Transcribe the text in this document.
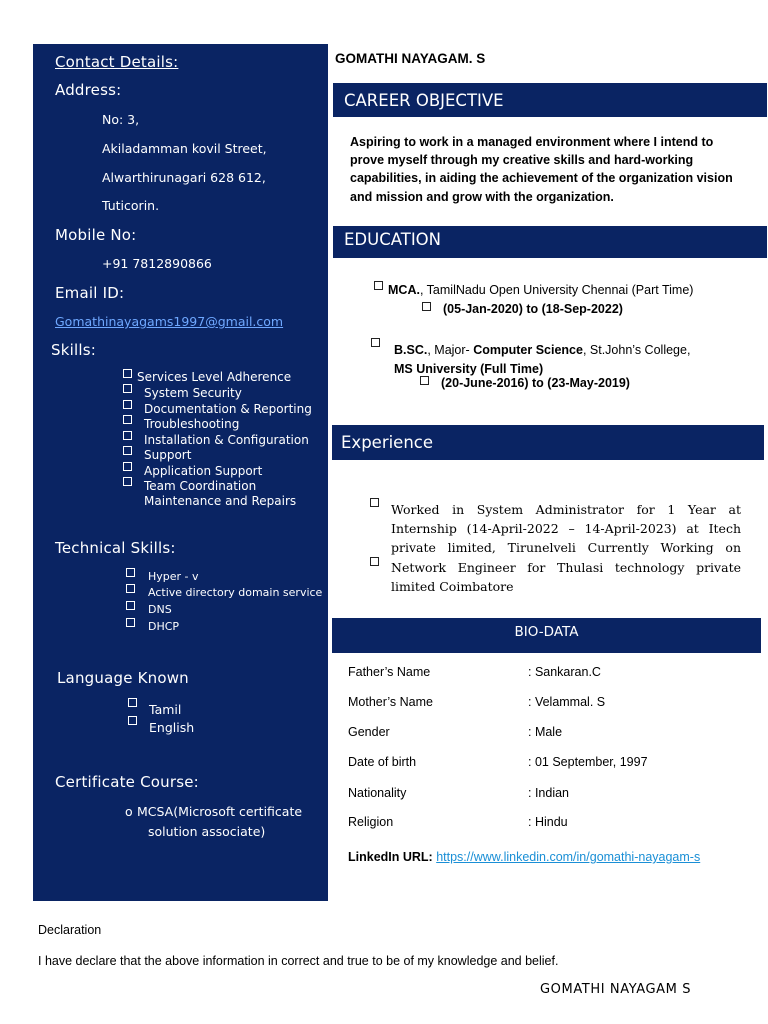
Contact Details:
Address:
No: 3,
Akiladamman kovil Street,
Alwarthirunagari 628 612,
Tuticorin.
Mobile No:
+91 7812890866
Email ID:
Gomathinayagams1997@gmail.com
Skills:
Services Level Adherence
System Security
Documentation & Reporting
Troubleshooting
Installation & Configuration
Support
Application Support
Team Coordination
Maintenance and Repairs
Technical Skills:
Hyper - v
Active directory domain service
DNS
DHCP
Language Known
Tamil
English
Certificate Course:
o MCSA(Microsoft certificate
solution associate)
GOMATHI NAYAGAM. S
CAREER OBJECTIVE
Aspiring to work in a managed environment where I intend to
prove myself through my creative skills and hard-working
capabilities, in aiding the achievement of the organization vision
and mission and grow with the organization.
EDUCATION
MCA., TamilNadu Open University Chennai (Part Time)
(05-Jan-2020) to (18-Sep-2022)
B.SC., Major- Computer Science, St.John’s College,
MS University (Full Time)
(20-June-2016) to (23-May-2019)
Experience
Worked in System Administrator for 1 Year at
Internship (14-April-2022 – 14-April-2023) at Itech
private limited, Tirunelveli Currently Working on
Network Engineer for Thulasi technology private
limited Coimbatore
BIO-DATA
Father’s Name	: Sankaran.C
Mother’s Name	: Velammal. S
Gender	: Male
Date of birth	: 01 September, 1997
Nationality	: Indian
Religion	: Hindu
LinkedIn URL: https://www.linkedin.com/in/gomathi-nayagam-s
Declaration
I have declare that the above information in correct and true to be of my knowledge and belief.
GOMATHI NAYAGAM S
